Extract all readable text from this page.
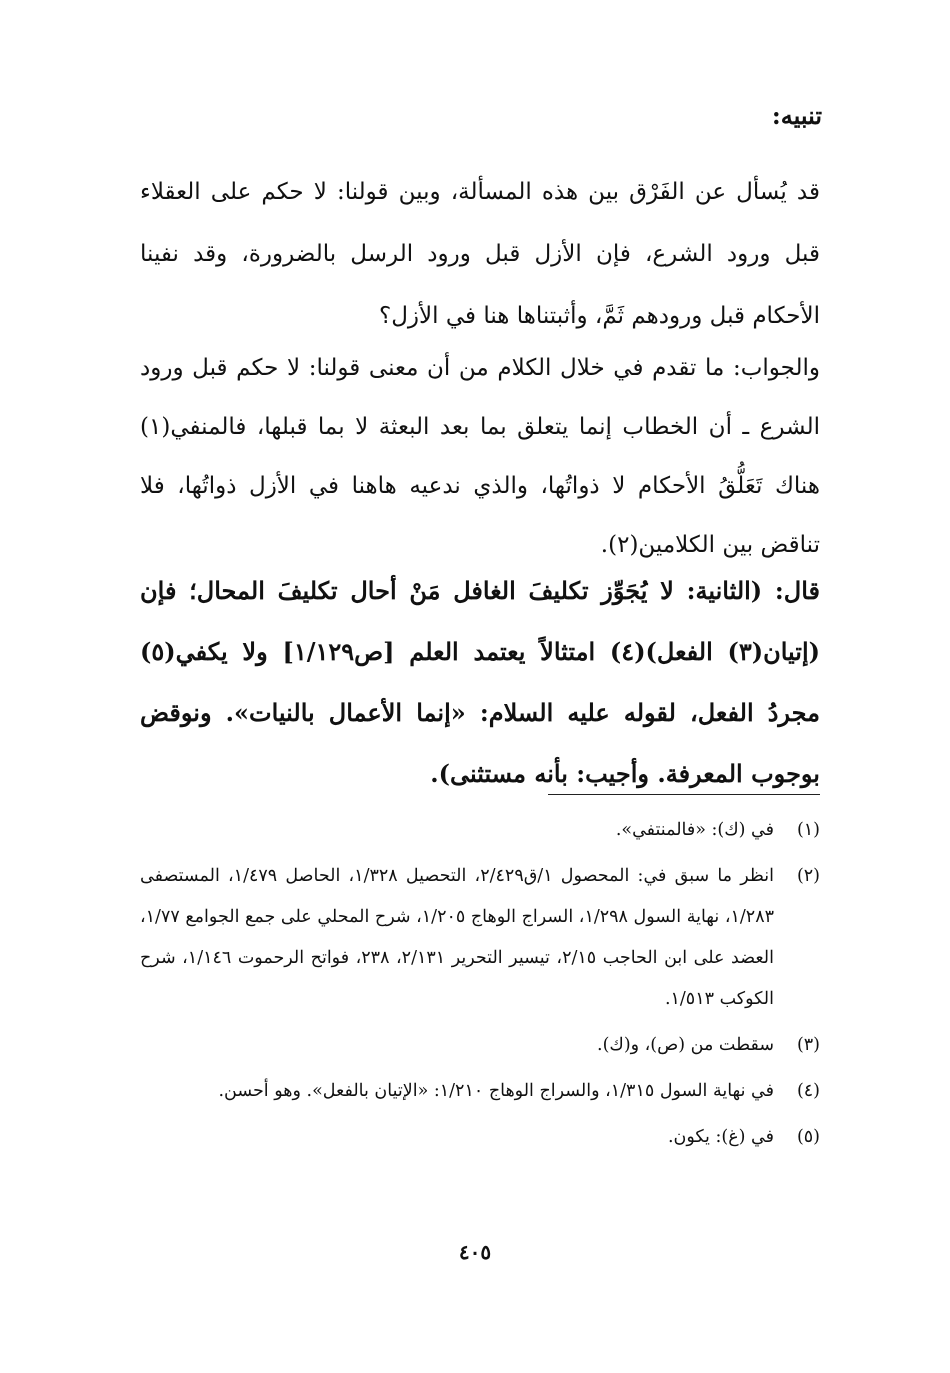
تنبيه:

قد يُسأل عن الفَرْق بين هذه المسألة، وبين قولنا: لا حكم على العقلاء قبل ورود الشرع، فإن الأزل قبل ورود الرسل بالضرورة، وقد نفينا الأحكام قبل ورودهم ثَمَّ، وأثبتناها هنا في الأزل؟

والجواب: ما تقدم في خلال الكلام من أن معنى قولنا: لا حكم قبل ورود الشرع ـ أن الخطاب إنما يتعلق بما بعد البعثة لا بما قبلها، فالمنفي(١) هناك تَعَلُّقُ الأحكام لا ذواتُها، والذي ندعيه هاهنا في الأزل ذواتُها، فلا تناقض بين الكلامين(٢).

قال: (الثانية: لا يُجَوِّز تكليفَ الغافل مَنْ أحال تكليفَ المحال؛ فإن (إتيان(٣) الفعل)(٤) امتثالاً يعتمد العلم [ص١/١٢٩] ولا يكفي(٥) مجردُ الفعل، لقوله عليه السلام: «إنما الأعمال بالنيات». ونوقض بوجوب المعرفة. وأجيب: بأنه مستثنى).

(١)
في (ك): «فالمنتفي».
(٢)
انظر ما سبق في: المحصول ١/ق٢/٤٢٩، التحصيل ١/٣٢٨، الحاصل ١/٤٧٩، المستصفى ١/٢٨٣، نهاية السول ١/٢٩٨، السراج الوهاج ١/٢٠٥، شرح المحلي على جمع الجوامع ١/٧٧، العضد على ابن الحاجب ٢/١٥، تيسير التحرير ٢/١٣١، ٢٣٨، فواتح الرحموت ١/١٤٦، شرح الكوكب ١/٥١٣.
(٣)
سقطت من (ص)، و(ك).
(٤)
في نهاية السول ١/٣١٥، والسراج الوهاج ١/٢١٠: «الإتيان بالفعل». وهو أحسن.
(٥)
في (غ): يكون.
٤٠٥
